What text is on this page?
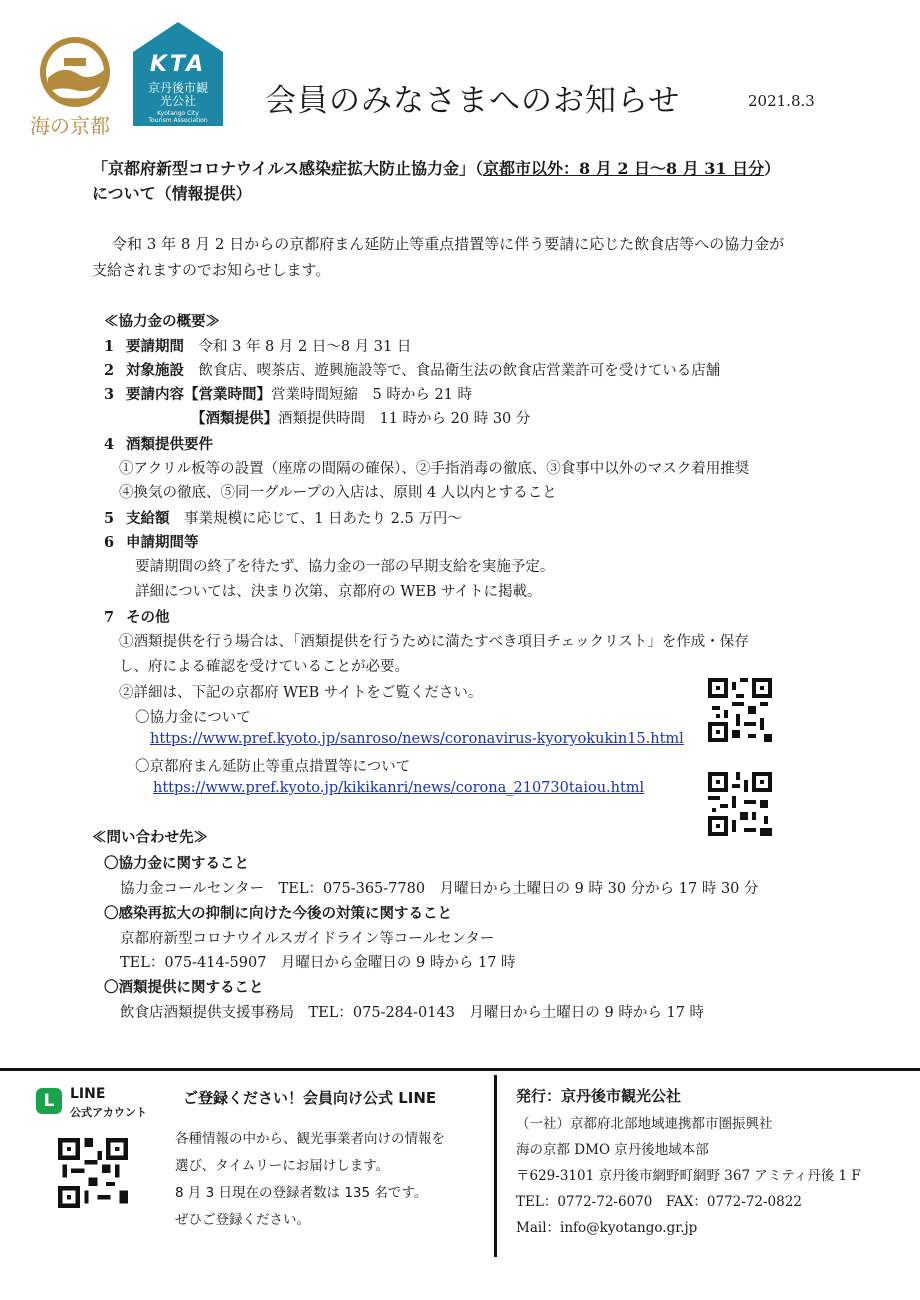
海の京都
KTA
京丹後市観光公社
Kyotango City Tourism Association
会員のみなさまへのお知らせ	2021.8.3
「京都府新型コロナウイルス感染症拡大防止協力金」（京都市以外：8 月 2 日〜8 月 31 日分）
について（情報提供）
令和 3 年 8 月 2 日からの京都府まん延防止等重点措置等に伴う要請に応じた飲食店等への協力金が
支給されますのでお知らせします。
≪協力金の概要≫
1 要請期間　 令和 3 年 8 月 2 日〜8 月 31 日
2 対象施設　 飲食店、喫茶店、遊興施設等で、食品衛生法の飲食店営業許可を受けている店舗
3 要請内容【営業時間】営業時間短縮　5 時から 21 時
【酒類提供】酒類提供時間　11 時から 20 時 30 分
4 酒類提供要件
①アクリル板等の設置（座席の間隔の確保）、②手指消毒の徹底、③食事中以外のマスク着用推奨
④換気の徹底、⑤同一グループの入店は、原則 4 人以内とすること
5 支給額　 事業規模に応じて、1 日あたり 2.5 万円〜
6 申請期間等
要請期間の終了を待たず、協力金の一部の早期支給を実施予定。
詳細については、決まり次第、京都府の WEB サイトに掲載。
7 その他
①酒類提供を行う場合は、「酒類提供を行うために満たすべき項目チェックリスト」を作成・保存
し、府による確認を受けていることが必要。
②詳細は、下記の京都府 WEB サイトをご覧ください。
〇協力金について
https://www.pref.kyoto.jp/sanroso/news/coronavirus-kyoryokukin15.html
〇京都府まん延防止等重点措置等について
https://www.pref.kyoto.jp/kikikanri/news/corona_210730taiou.html
≪問い合わせ先≫
〇協力金に関すること
協力金コールセンター　TEL：075-365-7780　月曜日から土曜日の 9 時 30 分から 17 時 30 分
〇感染再拡大の抑制に向けた今後の対策に関すること
京都府新型コロナウイルスガイドライン等コールセンター
TEL：075-414-5907　月曜日から金曜日の 9 時から 17 時
〇酒類提供に関すること
飲食店酒類提供支援事務局　TEL：075-284-0143　月曜日から土曜日の 9 時から 17 時
L	LINE
公式アカウント
ご登録ください！会員向け公式 LINE
各種情報の中から、観光事業者向けの情報を
選び、タイムリーにお届けします。
8 月 3 日現在の登録者数は 135 名です。
ぜひご登録ください。
発行：京丹後市観光公社
（一社）京都府北部地域連携都市圏振興社
海の京都 DMO 京丹後地域本部
〒629-3101 京丹後市網野町網野 367 アミティ丹後 1 F
TEL：0772-72-6070　FAX：0772-72-0822
Mail：info@kyotango.gr.jp
